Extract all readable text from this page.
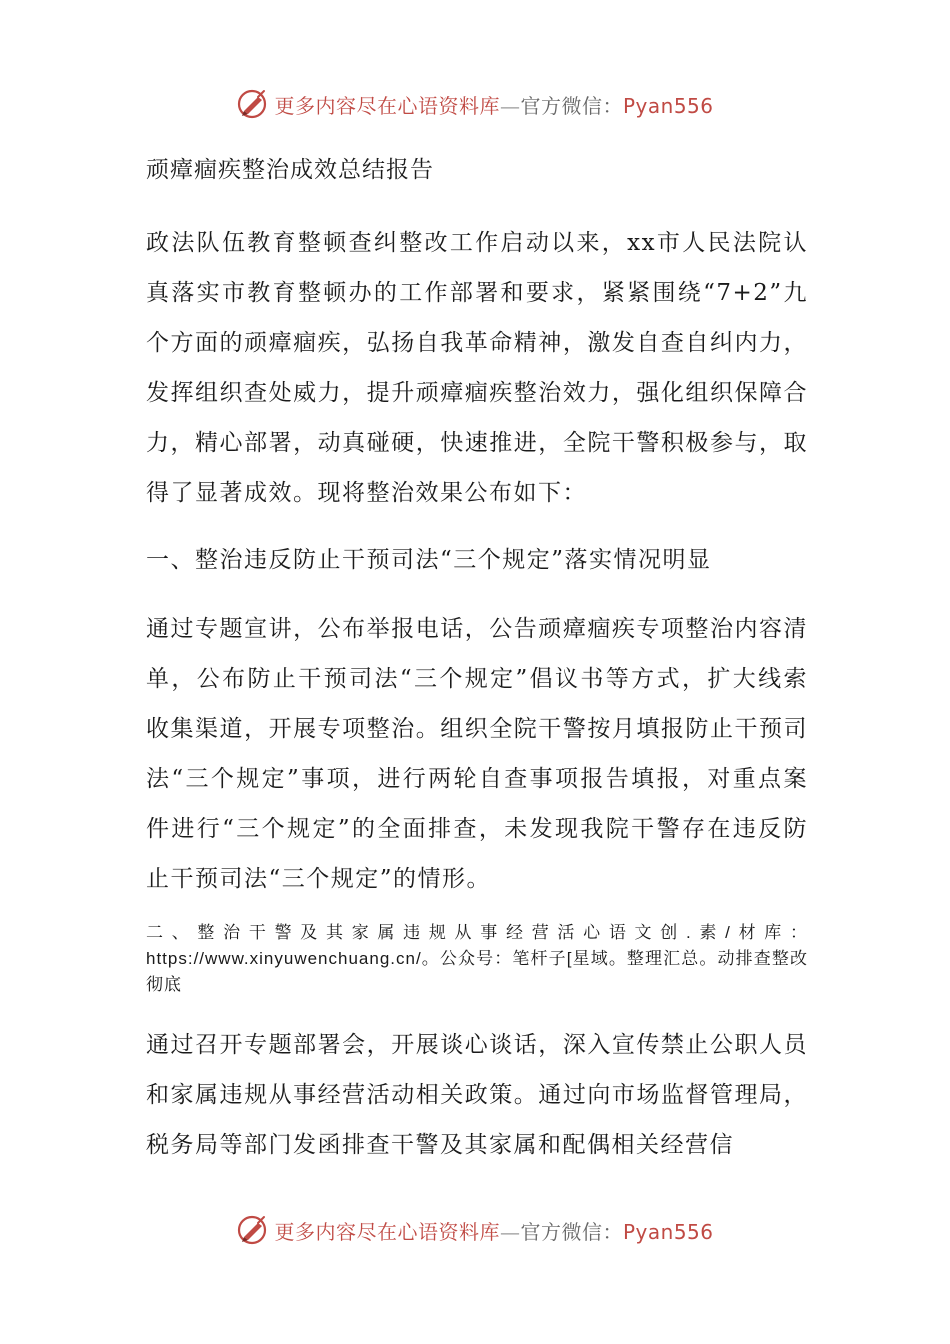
更多内容尽在心语资料库—官方微信：Pyan556
顽瘴痼疾整治成效总结报告

政法队伍教育整顿查纠整改工作启动以来，xx市人民法院认真落实市教育整顿办的工作部署和要求，紧紧围绕“7+2”九个方面的顽瘴痼疾，弘扬自我革命精神，激发自查自纠内力，发挥组织查处威力，提升顽瘴痼疾整治效力，强化组织保障合力，精心部署，动真碰硬，快速推进，全院干警积极参与，取得了显著成效。现将整治效果公布如下：

一、整治违反防止干预司法“三个规定”落实情况明显

通过专题宣讲，公布举报电话，公告顽瘴痼疾专项整治内容清单，公布防止干预司法“三个规定”倡议书等方式，扩大线索收集渠道，开展专项整治。组织全院干警按月填报防止干预司法“三个规定”事项，进行两轮自查事项报告填报，对重点案件进行“三个规定”的全面排查，未发现我院干警存在违反防止干预司法“三个规定”的情形。

二、整治干警及其家属违规从事经营活心语文创.素/材库：https://www.xinyuwenchuang.cn/。公众号：笔杆子[星域。整理汇总。动排查整改彻底

通过召开专题部署会，开展谈心谈话，深入宣传禁止公职人员和家属违规从事经营活动相关政策。通过向市场监督管理局，税务局等部门发函排查干警及其家属和配偶相关经营信

更多内容尽在心语资料库—官方微信：Pyan556
